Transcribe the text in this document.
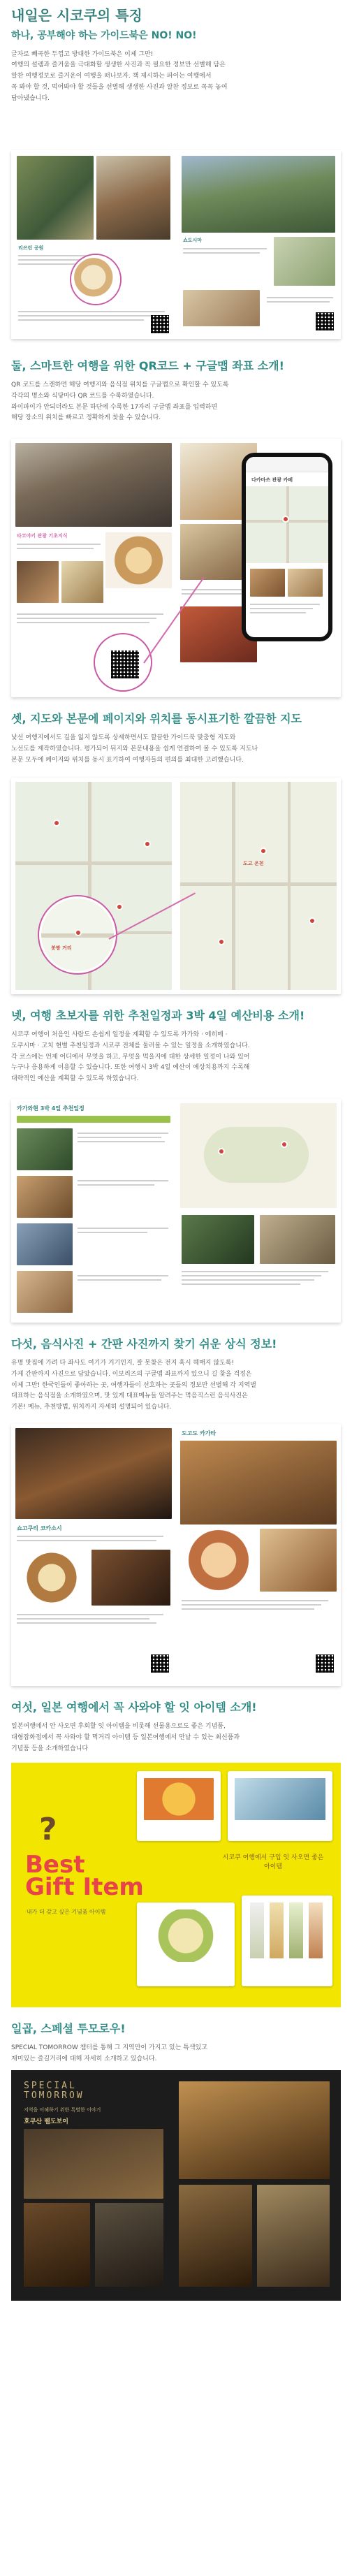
내일은 시코쿠의 특징
하나, 공부해야 하는 가이드북은 NO! NO!
글자로 빼곡한 두껍고 방대한 가이드북은 이제 그만!
여행의 설렘과 즐거움을 극대화할 생생한 사진과 꼭 필요한 정보만 선별해 담은
알찬 여행정보로 즐거운이 여행을 떠나보자. 책 제시하는 파이는 여행에서
꼭 봐야 할 것, 먹어봐야 할 것들을 선별해 생생한 사진과 알찬 정보로 꼭꼭 놓여
담아냈습니다.
리쓰린 공원
쇼도시마
둘, 스마트한 여행을 위한 QR코드 + 구글맵 좌표 소개!
QR 코드를 스캔하면 해당 여행지와 음식점 위치를 구글맵으로 확인할 수 있도록
각각의 명소와 식당마다 QR 코드를 수록하였습니다.
와이파이가 안되더라도 본문 하단에 수록한 17자리 구글맵 좌표를 입력하면
해당 장소의 위치를 빠르고 정확하게 찾을 수 있습니다.
타코야키 관광 기초지식
다카마쓰 관광 카페
셋, 지도와 본문에 페이지와 위치를 동시표기한 깔끔한 지도
낯선 여행지에서도 길을 잃지 않도록 상세하면서도 깔끔한 가이드북 맞춤형 지도와
노선도를 제작하였습니다. 평가되어 뒤지와 본문내용을 쉽게 연결하여 볼 수 있도록 지도나
본문 모두에 페이지와 위치를 동시 표기하여 여행자들의 편의를 최대한 고려했습니다.
봇짱 거리
도고 온천
넷, 여행 초보자를 위한 추천일정과 3박 4일 예산비용 소개!
시코쿠 여행이 처음인 사람도 손쉽게 일정을 계획할 수 있도록 카가와 · 에히메 ·
도쿠시마 · 고치 현별 추천일정과 시코쿠 전체를 둘러볼 수 있는 일정을 소개하였습니다.
각 코스에는 언제 어디에서 무엇을 하고, 무엇을 먹을지에 대한 상세한 일정이 나와 있어
누구나 응용하게 이용할 수 있습니다. 또한 여행시 3박 4일 예산이 예상치용까지 수록해
대략적인 예산을 계획할 수 있도록 하였습니다.
카가와현 3박 4일 추천일정
다섯, 음식사진 + 간판 사진까지 찾기 쉬운 상식 정보!
유명 맛집에 가려 다 좌사도 여기가 거기인지, 잘 못찾은 전지 혹시 헤매지 않도록!
가게 간판까지 사진으로 담았습니다. 이보리즈의 구글맵 좌표까지 있으니 길 찾을 걱정은
이제 그만! 한국인들이 좋아하는 곳, 여행자들이 선호하는 곳들의 정보만 선별해 각 지역별
대표하는 음식점을 소개하였으며, 맛 있게 대표메뉴들 알려주는 먹음직스런 음식사진은
기본! 메뉴, 추천방법, 위치까지 자세히 설명되어 있습니다.
쇼고쿠리 코카소시
도고도 카가타
여섯, 일본 여행에서 꼭 사와야 할 잇 아이템 소개!
일본여행에서 안 사오면 후회할 잇 아이템을 비롯해 선물용으로도 좋은 기념품,
대형잡화점에서 꼭 사와야 할 먹거리 아이템 등 일본여행에서 만날 수 있는 최신품과
기념품 등을 소개하였습니다
?
Best
Gift Item
내가 더 갖고 싶은 기념품 아이템
시코쿠 여행에서 구입 잇 사오면 좋은 아이템
일곱, 스페셜 투모로우!
SPECIAL TOMORROW 챕터를 통해 그 지역만이 가지고 있는 특색있고
재미있는 즐길거리에 대해 자세히 소개하고 있습니다.
SPECIAL
TOMORROW
지역을 이해하기 위한 특별한 이야기
호쿠산 펠도보이
